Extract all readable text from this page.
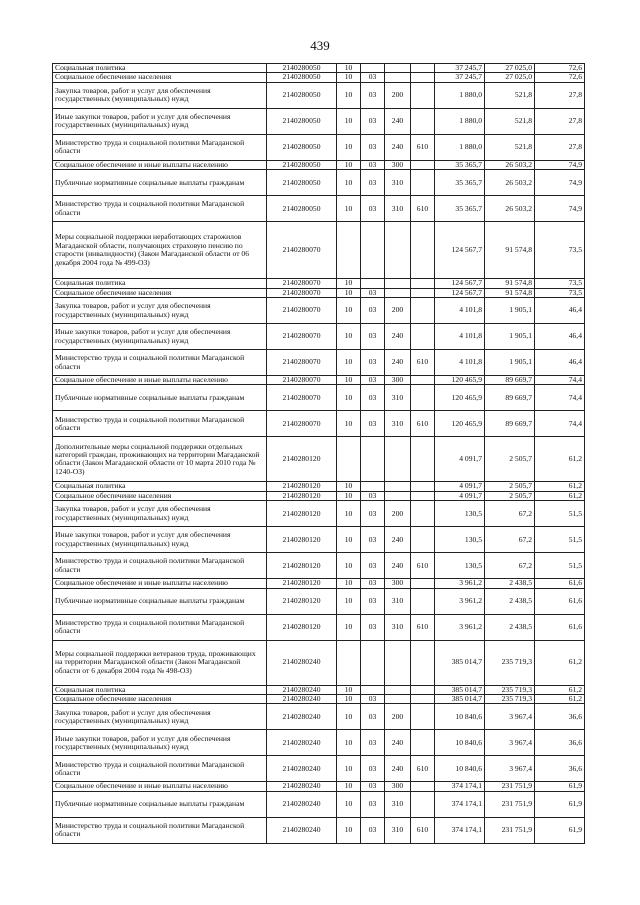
439
Социальная политика	2140280050	10				37 245,7	27 025,0	72,6
Социальное обеспечение населения	2140280050	10	03			37 245,7	27 025,0	72,6
Закупка товаров, работ и услуг для обеспечения государственных (муниципальных) нужд	2140280050	10	03	200		1 880,0	521,8	27,8
Иные закупки товаров, работ и услуг для обеспечения государственных (муниципальных) нужд	2140280050	10	03	240		1 880,0	521,8	27,8
Министерство труда и социальной политики Магаданской области	2140280050	10	03	240	610	1 880,0	521,8	27,8
Социальное обеспечение и иные выплаты населению	2140280050	10	03	300		35 365,7	26 503,2	74,9
Публичные нормативные социальные выплаты гражданам	2140280050	10	03	310		35 365,7	26 503,2	74,9
Министерство труда и социальной политики Магаданской области	2140280050	10	03	310	610	35 365,7	26 503,2	74,9
Меры социальной поддержки неработающих старожилов Магаданской области, получающих страховую пенсию по старости (инвалидности) (Закон Магаданской области от 06 декабря 2004 года № 499-ОЗ)	2140280070					124 567,7	91 574,8	73,5
Социальная политика	2140280070	10				124 567,7	91 574,8	73,5
Социальное обеспечение населения	2140280070	10	03			124 567,7	91 574,8	73,5
Закупка товаров, работ и услуг для обеспечения государственных (муниципальных) нужд	2140280070	10	03	200		4 101,8	1 905,1	46,4
Иные закупки товаров, работ и услуг для обеспечения государственных (муниципальных) нужд	2140280070	10	03	240		4 101,8	1 905,1	46,4
Министерство труда и социальной политики Магаданской области	2140280070	10	03	240	610	4 101,8	1 905,1	46,4
Социальное обеспечение и иные выплаты населению	2140280070	10	03	300		120 465,9	89 669,7	74,4
Публичные нормативные социальные выплаты гражданам	2140280070	10	03	310		120 465,9	89 669,7	74,4
Министерство труда и социальной политики Магаданской области	2140280070	10	03	310	610	120 465,9	89 669,7	74,4
Дополнительные меры социальной поддержки отдельных категорий граждан, проживающих на территории Магаданской области (Закон Магаданской области от 10 марта 2010 года № 1240-ОЗ)	2140280120					4 091,7	2 505,7	61,2
Социальная политика	2140280120	10				4 091,7	2 505,7	61,2
Социальное обеспечение населения	2140280120	10	03			4 091,7	2 505,7	61,2
Закупка товаров, работ и услуг для обеспечения государственных (муниципальных) нужд	2140280120	10	03	200		130,5	67,2	51,5
Иные закупки товаров, работ и услуг для обеспечения государственных (муниципальных) нужд	2140280120	10	03	240		130,5	67,2	51,5
Министерство труда и социальной политики Магаданской области	2140280120	10	03	240	610	130,5	67,2	51,5
Социальное обеспечение и иные выплаты населению	2140280120	10	03	300		3 961,2	2 438,5	61,6
Публичные нормативные социальные выплаты гражданам	2140280120	10	03	310		3 961,2	2 438,5	61,6
Министерство труда и социальной политики Магаданской области	2140280120	10	03	310	610	3 961,2	2 438,5	61,6
Меры социальной поддержки ветеранов труда, проживающих на территории Магаданской области (Закон Магаданской области от 6 декабря 2004 года № 498-ОЗ)	2140280240					385 014,7	235 719,3	61,2
Социальная политика	2140280240	10				385 014,7	235 719,3	61,2
Социальное обеспечение населения	2140280240	10	03			385 014,7	235 719,3	61,2
Закупка товаров, работ и услуг для обеспечения государственных (муниципальных) нужд	2140280240	10	03	200		10 840,6	3 967,4	36,6
Иные закупки товаров, работ и услуг для обеспечения государственных (муниципальных) нужд	2140280240	10	03	240		10 840,6	3 967,4	36,6
Министерство труда и социальной политики Магаданской области	2140280240	10	03	240	610	10 840,6	3 967,4	36,6
Социальное обеспечение и иные выплаты населению	2140280240	10	03	300		374 174,1	231 751,9	61,9
Публичные нормативные социальные выплаты гражданам	2140280240	10	03	310		374 174,1	231 751,9	61,9
Министерство труда и социальной политики Магаданской области	2140280240	10	03	310	610	374 174,1	231 751,9	61,9
